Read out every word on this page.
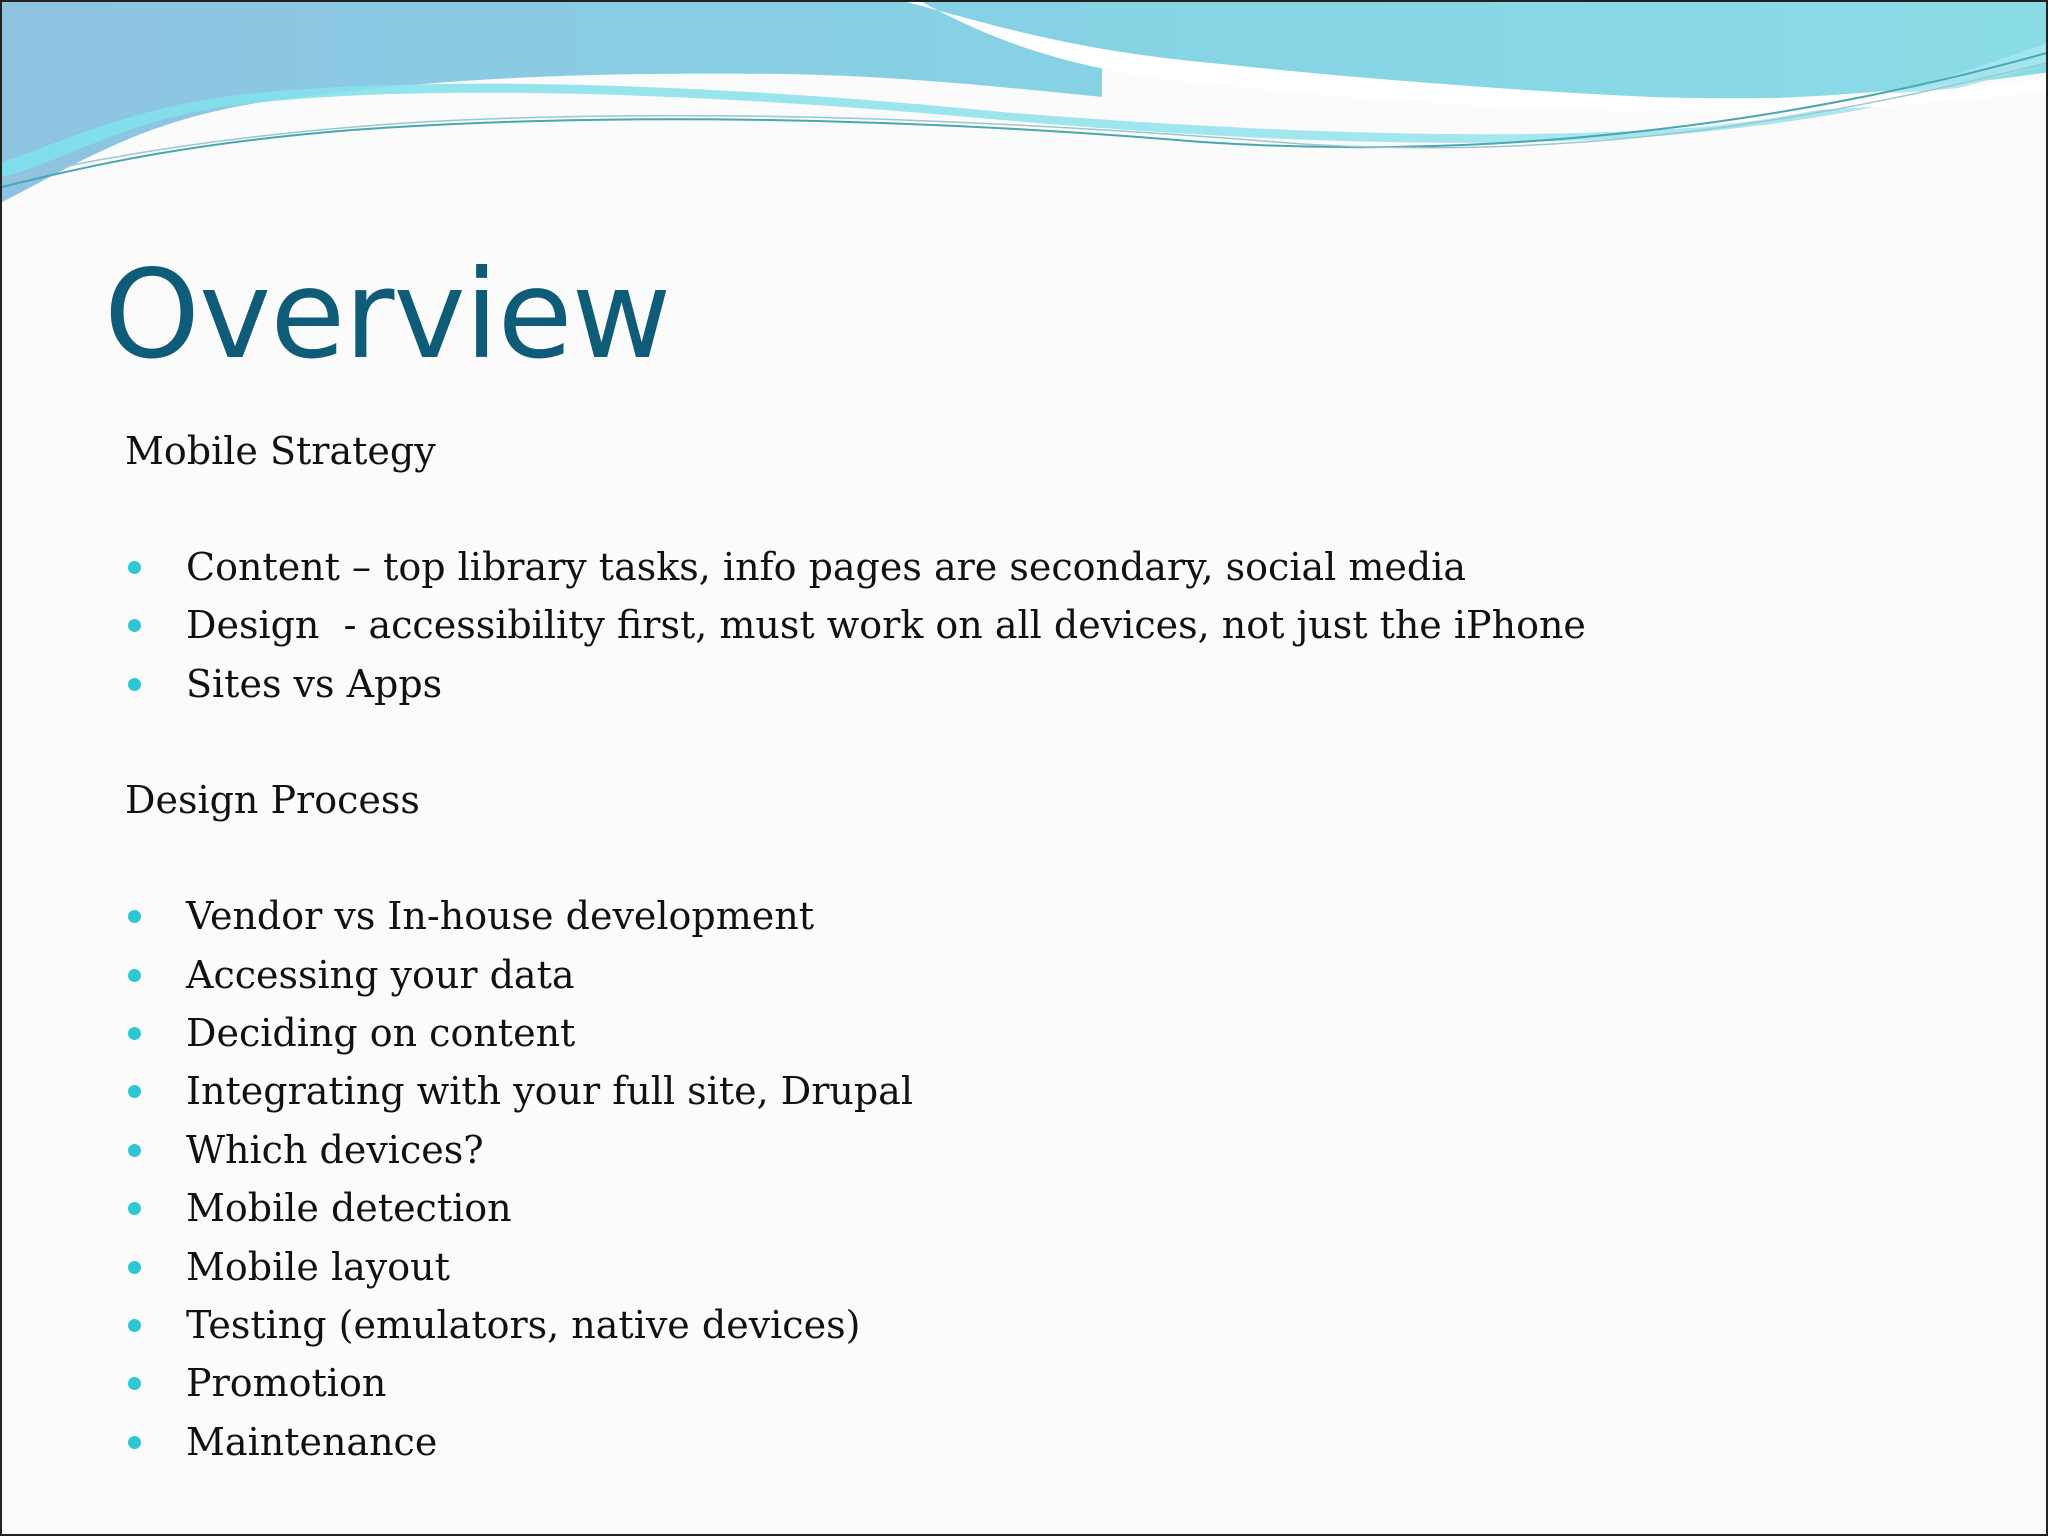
Overview
Mobile Strategy
Content – top library tasks, info pages are secondary, social media
Design  - accessibility first, must work on all devices, not just the iPhone
Sites vs Apps
Design Process
Vendor vs In-house development
Accessing your data
Deciding on content
Integrating with your full site, Drupal
Which devices?
Mobile detection
Mobile layout
Testing (emulators, native devices)
Promotion
Maintenance
